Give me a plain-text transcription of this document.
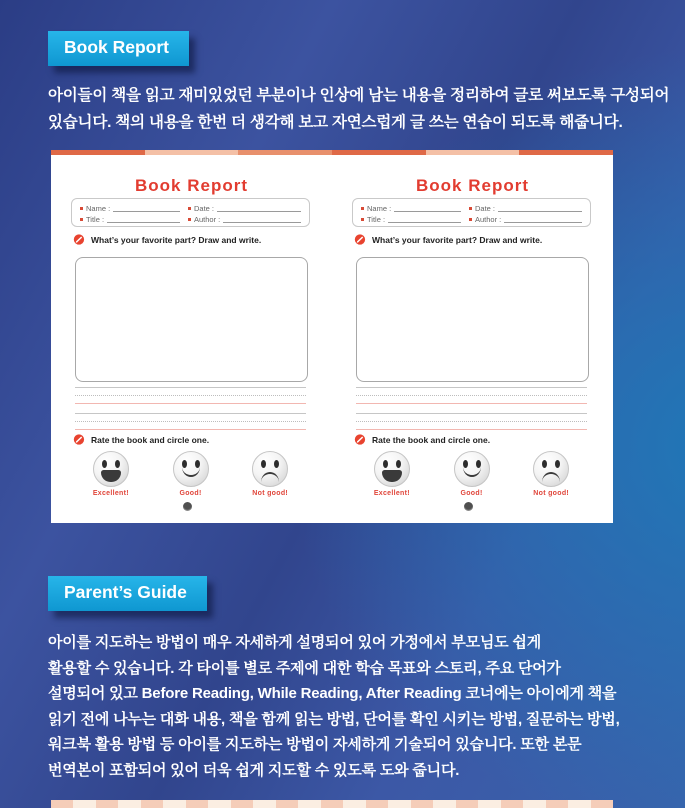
Book Report
아이들이 책을 읽고 재미있었던 부분이나 인상에 남는 내용을 정리하여 글로 써보도록 구성되어
있습니다. 책의 내용을 한번 더 생각해 보고 자연스럽게 글 쓰는 연습이 되도록 해줍니다.
Book Report
Name :	Date :
Title :	Author :
What’s your favorite part? Draw and write.
Rate the book and circle one.
Excellent!	Good!	Not good!
Book Report
Name :	Date :
Title :	Author :
What’s your favorite part? Draw and write.
Rate the book and circle one.
Excellent!	Good!	Not good!
Parent’s Guide
아이를 지도하는 방법이 매우 자세하게 설명되어 있어 가정에서 부모님도 쉽게
활용할 수 있습니다. 각 타이틀 별로 주제에 대한 학습 목표와 스토리, 주요 단어가
설명되어 있고 Before Reading, While Reading, After Reading 코너에는 아이에게 책을
읽기 전에 나누는 대화 내용, 책을 함께 읽는 방법, 단어를 확인 시키는 방법, 질문하는 방법,
워크북 활용 방법 등 아이를 지도하는 방법이 자세하게 기술되어 있습니다. 또한 본문
번역본이 포함되어 있어 더욱 쉽게 지도할 수 있도록 도와 줍니다.
